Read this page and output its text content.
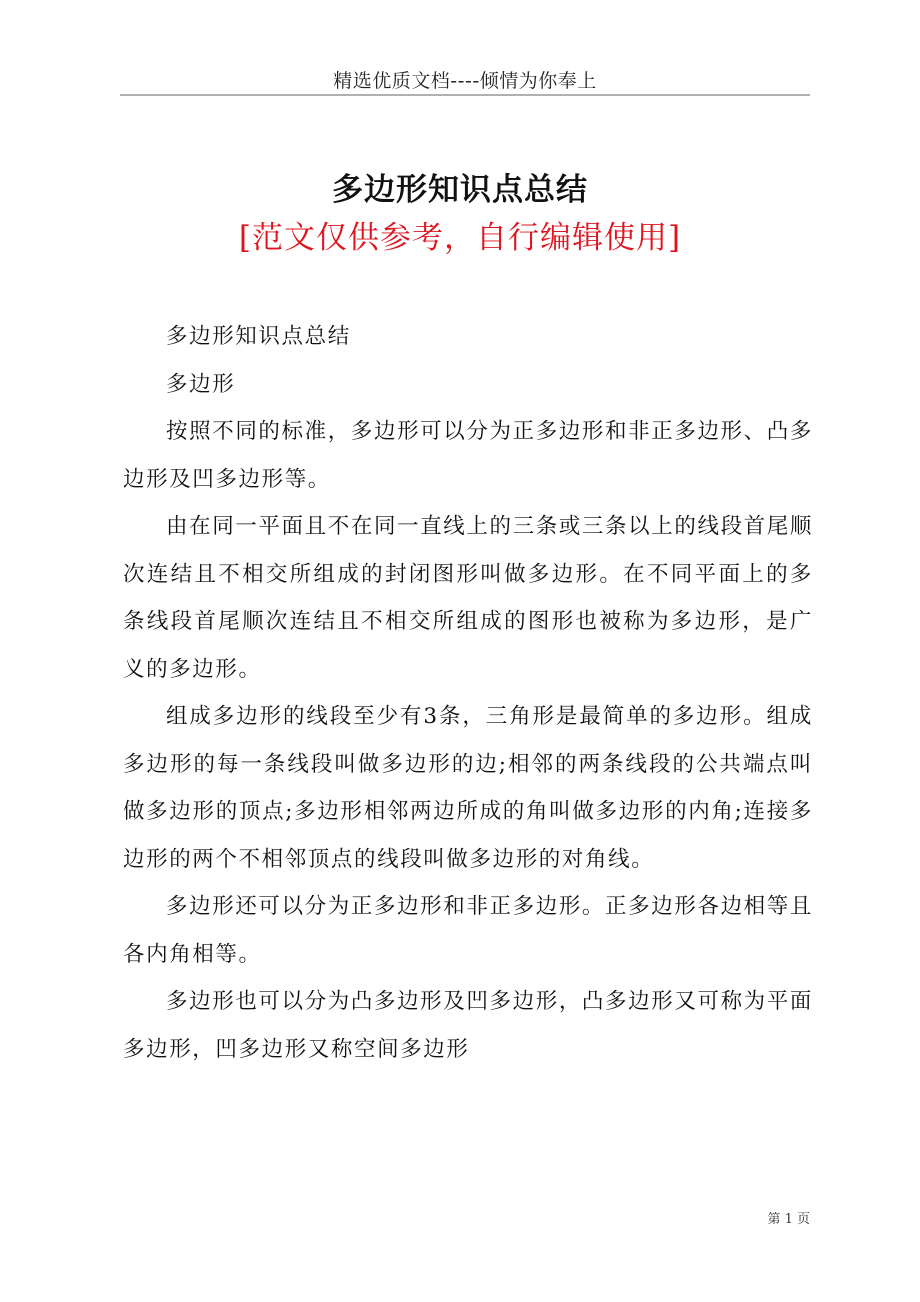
精选优质文档----倾情为你奉上
多边形知识点总结
[范文仅供参考，自行编辑使用]

多边形知识点总结

多边形

按照不同的标准，多边形可以分为正多边形和非正多边形、凸多边形及凹多边形等。

由在同一平面且不在同一直线上的三条或三条以上的线段首尾顺次连结且不相交所组成的封闭图形叫做多边形。在不同平面上的多条线段首尾顺次连结且不相交所组成的图形也被称为多边形，是广义的多边形。

组成多边形的线段至少有3条，三角形是最简单的多边形。组成多边形的每一条线段叫做多边形的边;相邻的两条线段的公共端点叫做多边形的顶点;多边形相邻两边所成的角叫做多边形的内角;连接多边形的两个不相邻顶点的线段叫做多边形的对角线。

多边形还可以分为正多边形和非正多边形。正多边形各边相等且各内角相等。

多边形也可以分为凸多边形及凹多边形，凸多边形又可称为平面多边形，凹多边形又称空间多边形

第 1 页
